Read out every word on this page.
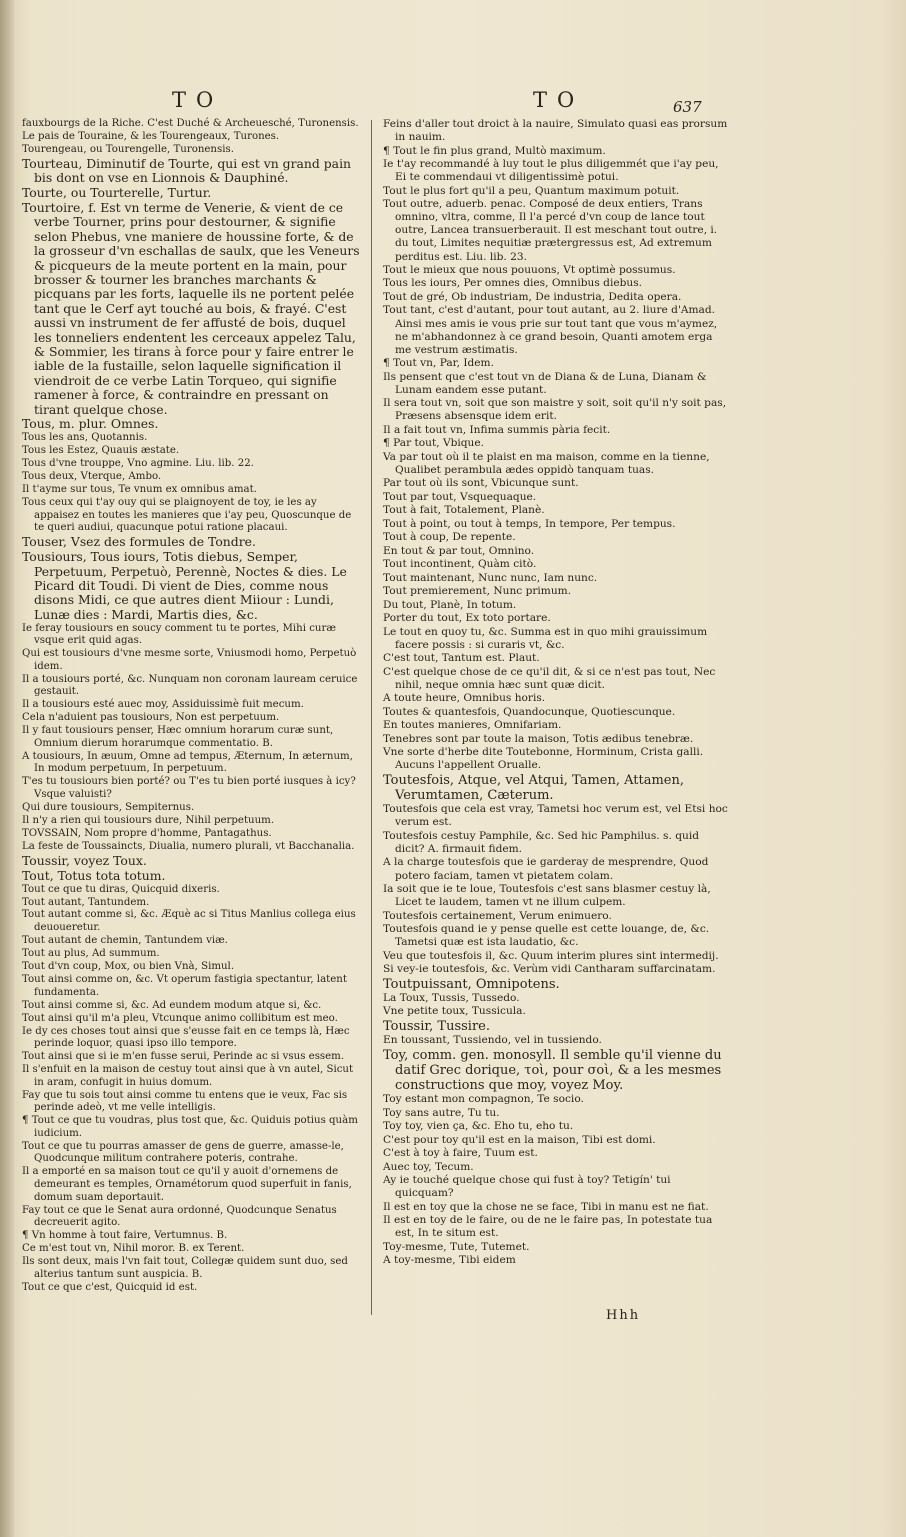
TO	TO	637
fauxbourgs de la Riche. C'est Duché & Archeuesché, Turonensis.
Le pais de Touraine, & les Tourengeaux, Turones.
Tourengeau, ou Tourengelle, Turonensis.
Tourteau, Diminutif de Tourte, qui est vn grand pain bis dont on vse en Lionnois & Dauphiné.
Tourte, ou Tourterelle, Turtur.
Tourtoire, f. Est vn terme de Venerie, & vient de ce verbe Tourner, prins pour destourner, & signifie selon Phebus, vne maniere de houssine forte, & de la grosseur d'vn eschallas de saulx, que les Veneurs & picqueurs de la meute portent en la main, pour brosser & tourner les branches marchants & picquans par les forts, laquelle ils ne portent pelée tant que le Cerf ayt touché au bois, & frayé. C'est aussi vn instrument de fer affusté de bois, duquel les tonneliers endentent les cerceaux appelez Talu, & Sommier, les tirans à force pour y faire entrer le iable de la fustaille, selon laquelle signification il viendroit de ce verbe Latin Torqueo, qui signifie ramener à force, & contraindre en pressant on tirant quelque chose.
Tous, m. plur. Omnes.
Tous les ans, Quotannis.
Tous les Estez, Quauis æstate.
Tous d'vne trouppe, Vno agmine. Liu. lib. 22.
Tous deux, Vterque, Ambo.
Il t'ayme sur tous, Te vnum ex omnibus amat.
Tous ceux qui t'ay ouy qui se plaignoyent de toy, ie les ay appaisez en toutes les manieres que i'ay peu, Quoscunque de te queri audiui, quacunque potui ratione placaui.
Touser, Vsez des formules de Tondre.
Tousiours, Tous iours, Totis diebus, Semper, Perpetuum, Perpetuò, Perennè, Noctes & dies. Le Picard dit Toudi. Di vient de Dies, comme nous disons Midi, ce que autres dient Miiour : Lundi, Lunæ dies : Mardi, Martis dies, &c.
Ie feray tousiours en soucy comment tu te portes, Mihi curæ vsque erit quid agas.
Qui est tousiours d'vne mesme sorte, Vniusmodi homo, Perpetuò idem.
Il a tousiours porté, &c. Nunquam non coronam lauream ceruice gestauit.
Il a tousiours esté auec moy, Assiduissimè fuit mecum.
Cela n'aduient pas tousiours, Non est perpetuum.
Il y faut tousiours penser, Hæc omnium horarum curæ sunt, Omnium dierum horarumque commentatio. B.
A tousiours, In æuum, Omne ad tempus, Æternum, In æternum, In modum perpetuum, In perpetuum.
T'es tu tousiours bien porté? ou T'es tu bien porté iusques à icy? Vsque valuisti?
Qui dure tousiours, Sempiternus.
Il n'y a rien qui tousiours dure, Nihil perpetuum.
TOVSSAIN, Nom propre d'homme, Pantagathus.
La feste de Toussaincts, Diualia, numero plurali, vt Bacchanalia.
Toussir, voyez Toux.
Tout, Totus tota totum.
Tout ce que tu diras, Quicquid dixeris.
Tout autant, Tantundem.
Tout autant comme si, &c. Æquè ac si Titus Manlius collega eius deuoueretur.
Tout autant de chemin, Tantundem viæ.
Tout au plus, Ad summum.
Tout d'vn coup, Mox, ou bien Vnà, Simul.
Tout ainsi comme on, &c. Vt operum fastigia spectantur, latent fundamenta.
Tout ainsi comme si, &c. Ad eundem modum atque si, &c.
Tout ainsi qu'il m'a pleu, Vtcunque animo collibitum est meo.
Ie dy ces choses tout ainsi que s'eusse fait en ce temps là, Hæc perinde loquor, quasi ipso illo tempore.
Tout ainsi que si ie m'en fusse serui, Perinde ac si vsus essem.
Il s'enfuit en la maison de cestuy tout ainsi que à vn autel, Sicut in aram, confugit in huius domum.
Fay que tu sois tout ainsi comme tu entens que ie veux, Fac sis perinde adeò, vt me velle intelligis.
¶ Tout ce que tu voudras, plus tost que, &c. Quiduis potius quàm iudicium.
Tout ce que tu pourras amasser de gens de guerre, amasse-le, Quodcunque militum contrahere poteris, contrahe.
Il a emporté en sa maison tout ce qu'il y auoit d'ornemens de demeurant es temples, Ornamétorum quod superfuit in fanis, domum suam deportauit.
Fay tout ce que le Senat aura ordonné, Quodcunque Senatus decreuerit agito.
¶ Vn homme à tout faire, Vertumnus. B.
Ce m'est tout vn, Nihil moror. B. ex Terent.
Ils sont deux, mais l'vn fait tout, Collegæ quidem sunt duo, sed alterius tantum sunt auspicia. B.
Tout ce que c'est, Quicquid id est.
Feins d'aller tout droict à la nauire, Simulato quasi eas prorsum in nauim.
¶ Tout le fin plus grand, Multò maximum.
Ie t'ay recommandé à luy tout le plus diligemmét que i'ay peu, Ei te commendaui vt diligentissimè potui.
Tout le plus fort qu'il a peu, Quantum maximum potuit.
Tout outre, aduerb. penac. Composé de deux entiers, Trans omnino, vltra, comme, Il l'a percé d'vn coup de lance tout outre, Lancea transuerberauit. Il est meschant tout outre, i. du tout, Limites nequitiæ prætergressus est, Ad extremum perditus est. Liu. lib. 23.
Tout le mieux que nous pouuons, Vt optimè possumus.
Tous les iours, Per omnes dies, Omnibus diebus.
Tout de gré, Ob industriam, De industria, Dedita opera.
Tout tant, c'est d'autant, pour tout autant, au 2. liure d'Amad. Ainsi mes amis ie vous prie sur tout tant que vous m'aymez, ne m'abhandonnez à ce grand besoin, Quanti amotem erga me vestrum æstimatis.
¶ Tout vn, Par, Idem.
Ils pensent que c'est tout vn de Diana & de Luna, Dianam & Lunam eandem esse putant.
Il sera tout vn, soit que son maistre y soit, soit qu'il n'y soit pas, Præsens absensque idem erit.
Il a fait tout vn, Infima summis pària fecit.
¶ Par tout, Vbique.
Va par tout où il te plaist en ma maison, comme en la tienne, Qualibet perambula ædes oppidò tanquam tuas.
Par tout où ils sont, Vbicunque sunt.
Tout par tout, Vsquequaque.
Tout à fait, Totalement, Planè.
Tout à point, ou tout à temps, In tempore, Per tempus.
Tout à coup, De repente.
En tout & par tout, Omnino.
Tout incontinent, Quàm citò.
Tout maintenant, Nunc nunc, Iam nunc.
Tout premierement, Nunc primum.
Du tout, Planè, In totum.
Porter du tout, Ex toto portare.
Le tout en quoy tu, &c. Summa est in quo mihi grauissimum facere possis : si curaris vt, &c.
C'est tout, Tantum est. Plaut.
C'est quelque chose de ce qu'il dit, & si ce n'est pas tout, Nec nihil, neque omnia hæc sunt quæ dicit.
A toute heure, Omnibus horis.
Toutes & quantesfois, Quandocunque, Quotiescunque.
En toutes manieres, Omnifariam.
Tenebres sont par toute la maison, Totis ædibus tenebræ.
Vne sorte d'herbe dite Toutebonne, Horminum, Crista galli. Aucuns l'appellent Orualle.
Toutesfois, Atque, vel Atqui, Tamen, Attamen, Verumtamen, Cæterum.
Toutesfois que cela est vray, Tametsi hoc verum est, vel Etsi hoc verum est.
Toutesfois cestuy Pamphile, &c. Sed hic Pamphilus. s. quid dicit? A. firmauit fidem.
A la charge toutesfois que ie garderay de mesprendre, Quod potero faciam, tamen vt pietatem colam.
Ia soit que ie te loue, Toutesfois c'est sans blasmer cestuy là, Licet te laudem, tamen vt ne illum culpem.
Toutesfois certainement, Verum enimuero.
Toutesfois quand ie y pense quelle est cette louange, de, &c. Tametsi quæ est ista laudatio, &c.
Veu que toutesfois il, &c. Quum interim plures sint intermedij.
Si vey-ie toutesfois, &c. Verùm vidi Cantharam suffarcinatam.
Toutpuissant, Omnipotens.
La Toux, Tussis, Tussedo.
Vne petite toux, Tussicula.
Toussir, Tussire.
En toussant, Tussiendo, vel in tussiendo.
Toy, comm. gen. monosyll. Il semble qu'il vienne du datif Grec dorique, τοὶ, pour σοὶ, & a les mesmes constructions que moy, voyez Moy.
Toy estant mon compagnon, Te socio.
Toy sans autre, Tu tu.
Toy toy, vien ça, &c. Eho tu, eho tu.
C'est pour toy qu'il est en la maison, Tibi est domi.
C'est à toy à faire, Tuum est.
Auec toy, Tecum.
Ay ie touché quelque chose qui fust à toy? Tetigín' tui quicquam?
Il est en toy que la chose ne se face, Tibi in manu est ne fiat.
Il est en toy de le faire, ou de ne le faire pas, In potestate tua est, In te situm est.
Toy-mesme, Tute, Tutemet.
A toy-mesme, Tibi eidem
Hhh
